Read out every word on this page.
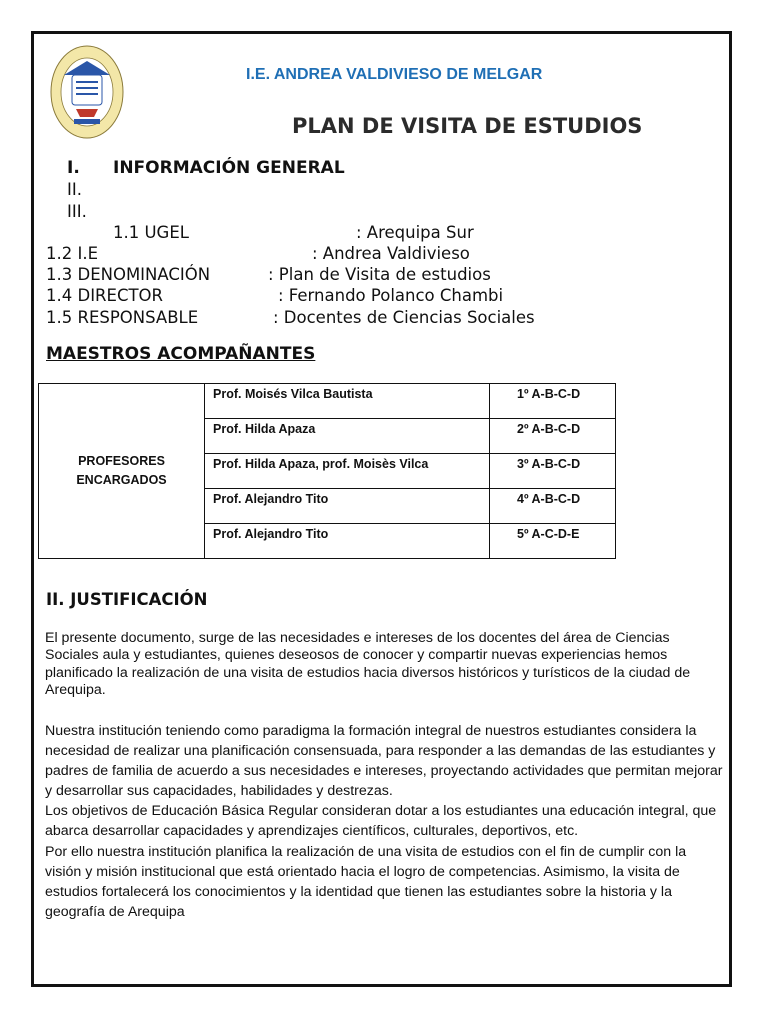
I.E. ANDREA VALDIVIESO DE MELGAR
PLAN DE VISITA DE ESTUDIOS
I. INFORMACIÓN GENERAL
II.
III.
1.1 UGEL	: Arequipa Sur
1.2 I.E	: Andrea Valdivieso
1.3 DENOMINACIÓN	: Plan de Visita de estudios
1.4 DIRECTOR	: Fernando Polanco Chambi
1.5 RESPONSABLE	: Docentes de Ciencias Sociales
MAESTROS ACOMPAÑANTES
PROFESORES
ENCARGADOS	Prof. Moisés Vilca Bautista	1º A-B-C-D
	Prof. Hilda Apaza	2º A-B-C-D
	Prof. Hilda Apaza, prof. Moisès Vilca	3º A-B-C-D
	Prof. Alejandro Tito	4º A-B-C-D
	Prof. Alejandro Tito	5º A-C-D-E
II. JUSTIFICACIÓN
El presente documento, surge de las necesidades e intereses de los docentes del área de Ciencias Sociales aula y estudiantes, quienes deseosos de conocer y compartir nuevas experiencias hemos planificado la realización de una visita de estudios hacia diversos históricos y turísticos de la ciudad de Arequipa.
Nuestra institución teniendo como paradigma la formación integral de nuestros estudiantes considera la necesidad de realizar una planificación consensuada, para responder a las demandas de las estudiantes y padres de familia de acuerdo a sus necesidades e intereses, proyectando actividades que permitan mejorar y desarrollar sus capacidades, habilidades y destrezas.
Los objetivos de Educación Básica Regular consideran dotar a los estudiantes una educación integral, que abarca desarrollar capacidades y aprendizajes científicos, culturales, deportivos, etc.
Por ello nuestra institución planifica la realización de una visita de estudios con el fin de cumplir con la visión y misión institucional que está orientado hacia el logro de competencias. Asimismo, la visita de estudios fortalecerá los conocimientos y la identidad que tienen las estudiantes sobre la historia y la geografía de Arequipa
